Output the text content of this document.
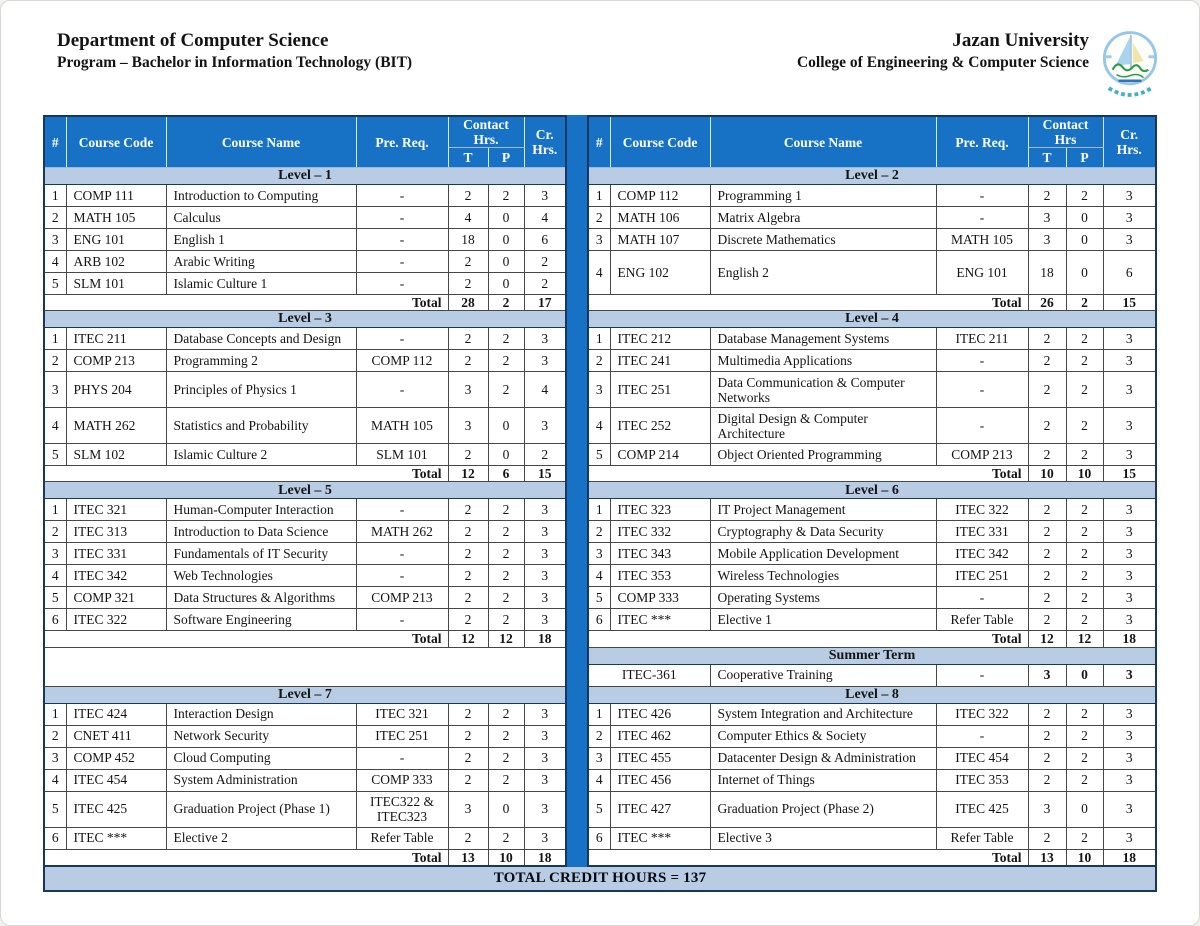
Department of Computer Science
Program – Bachelor in Information Technology (BIT)
Jazan University
College of Engineering & Computer Science
#	Course Code	Course Name	Pre. Req.	Contact Hrs.		Cr. Hrs.
				T	P	
Level – 1						
1	COMP 111	Introduction to Computing	-	2	2	3
2	MATH 105	Calculus	-	4	0	4
3	ENG 101	English 1	-	18	0	6
4	ARB 102	Arabic Writing	-	2	0	2
5	SLM 101	Islamic Culture 1	-	2	0	2
Total				28	2	17
Level – 3						
1	ITEC 211	Database Concepts and Design	-	2	2	3
2	COMP 213	Programming 2	COMP 112	2	2	3
3	PHYS 204	Principles of Physics 1	-	3	2	4
4	MATH 262	Statistics and Probability	MATH 105	3	0	3
5	SLM 102	Islamic Culture 2	SLM 101	2	0	2
Total				12	6	15
Level – 5						
1	ITEC 321	Human-Computer Interaction	-	2	2	3
2	ITEC 313	Introduction to Data Science	MATH 262	2	2	3
3	ITEC 331	Fundamentals of IT Security	-	2	2	3
4	ITEC 342	Web Technologies	-	2	2	3
5	COMP 321	Data Structures & Algorithms	COMP 213	2	2	3
6	ITEC 322	Software Engineering	-	2	2	3
Total				12	12	18

Level – 7						
1	ITEC 424	Interaction Design	ITEC 321	2	2	3
2	CNET 411	Network Security	ITEC 251	2	2	3
3	COMP 452	Cloud Computing	-	2	2	3
4	ITEC 454	System Administration	COMP 333	2	2	3
5	ITEC 425	Graduation Project (Phase 1)	ITEC322 & ITEC323	3	0	3
6	ITEC ***	Elective 2	Refer Table	2	2	3
Total				13	10	18
#	Course Code	Course Name	Pre. Req.	Contact Hrs		Cr. Hrs.
				T	P	
Level – 2						
1	COMP 112	Programming 1	-	2	2	3
2	MATH 106	Matrix Algebra	-	3	0	3
3	MATH 107	Discrete Mathematics	MATH 105	3	0	3
4	ENG 102	English 2	ENG 101	18	0	6
Total				26	2	15
Level – 4						
1	ITEC 212	Database Management Systems	ITEC 211	2	2	3
2	ITEC 241	Multimedia Applications	-	2	2	3
3	ITEC 251	Data Communication & Computer Networks	-	2	2	3
4	ITEC 252	Digital Design & Computer Architecture	-	2	2	3
5	COMP 214	Object Oriented Programming	COMP 213	2	2	3
Total				10	10	15
Level – 6						
1	ITEC 323	IT Project Management	ITEC 322	2	2	3
2	ITEC 332	Cryptography & Data Security	ITEC 331	2	2	3
3	ITEC 343	Mobile Application Development	ITEC 342	2	2	3
4	ITEC 353	Wireless Technologies	ITEC 251	2	2	3
5	COMP 333	Operating Systems	-	2	2	3
6	ITEC ***	Elective 1	Refer Table	2	2	3
Total				12	12	18
Summer Term						
ITEC-361		Cooperative Training	-	3	0	3
Level – 8						
1	ITEC 426	System Integration and Architecture	ITEC 322	2	2	3
2	ITEC 462	Computer Ethics & Society	-	2	2	3
3	ITEC 455	Datacenter Design & Administration	ITEC 454	2	2	3
4	ITEC 456	Internet of Things	ITEC 353	2	2	3
5	ITEC 427	Graduation Project (Phase 2)	ITEC 425	3	0	3
6	ITEC ***	Elective 3	Refer Table	2	2	3
Total				13	10	18
TOTAL CREDIT HOURS = 137
